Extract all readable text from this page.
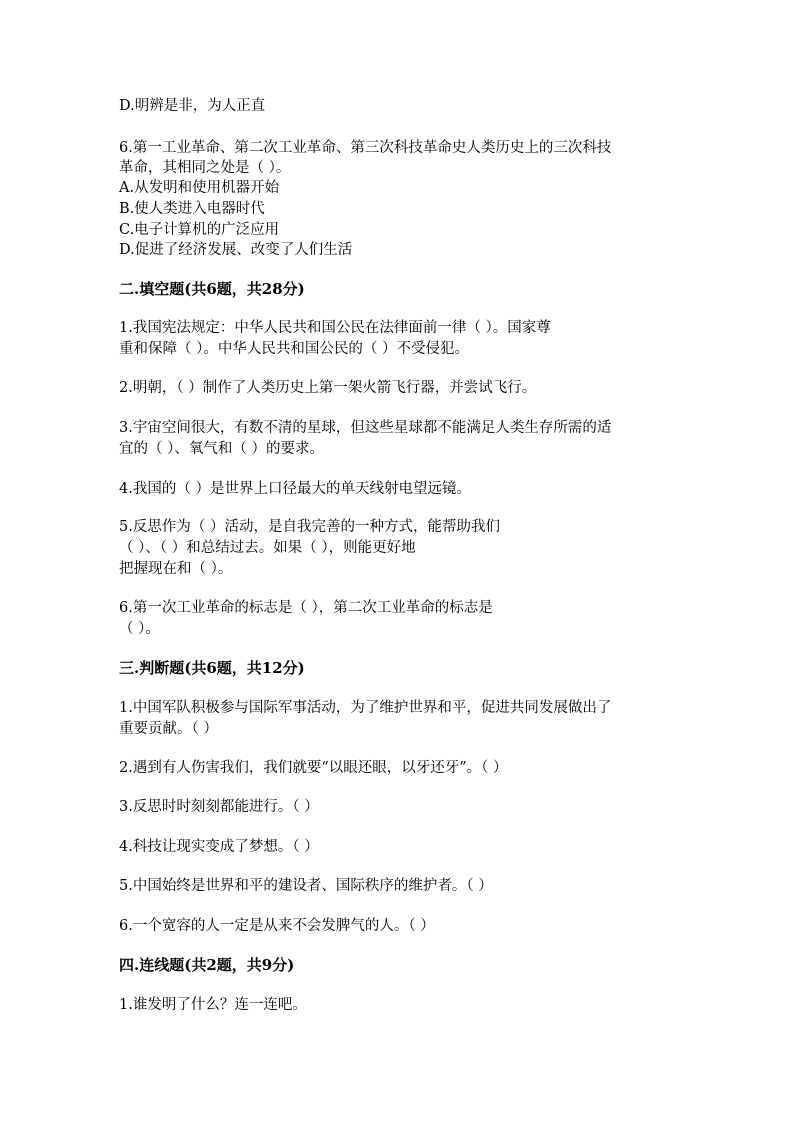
D.明辨是非，为人正直
6.第一工业革命、第二次工业革命、第三次科技革命史人类历史上的三次科技
革命，其相同之处是（ ）。
A.从发明和使用机器开始
B.使人类进入电器时代
C.电子计算机的广泛应用
D.促进了经济发展、改变了人们生活
二.填空题(共6题，共28分)
1.我国宪法规定：中华人民共和国公民在法律面前一律（ ）。国家尊
重和保障（ ）。中华人民共和国公民的（ ）不受侵犯。
2.明朝，（ ）制作了人类历史上第一架火箭飞行器，并尝试飞行。
3.宇宙空间很大，有数不清的星球，但这些星球都不能满足人类生存所需的适
宜的（ ）、氧气和（ ）的要求。
4.我国的（ ）是世界上口径最大的单天线射电望远镜。
5.反思作为（ ）活动，是自我完善的一种方式，能帮助我们
（ ）、（ ）和总结过去。如果（ ），则能更好地
把握现在和（ ）。
6.第一次工业革命的标志是（ ），第二次工业革命的标志是
（ ）。
三.判断题(共6题，共12分)
1.中国军队积极参与国际军事活动，为了维护世界和平，促进共同发展做出了
重要贡献。（ ）
2.遇到有人伤害我们，我们就要“以眼还眼，以牙还牙”。（ ）
3.反思时时刻刻都能进行。（ ）
4.科技让现实变成了梦想。（ ）
5.中国始终是世界和平的建设者、国际秩序的维护者。（ ）
6.一个宽容的人一定是从来不会发脾气的人。（ ）
四.连线题(共2题，共9分)
1.谁发明了什么？连一连吧。
